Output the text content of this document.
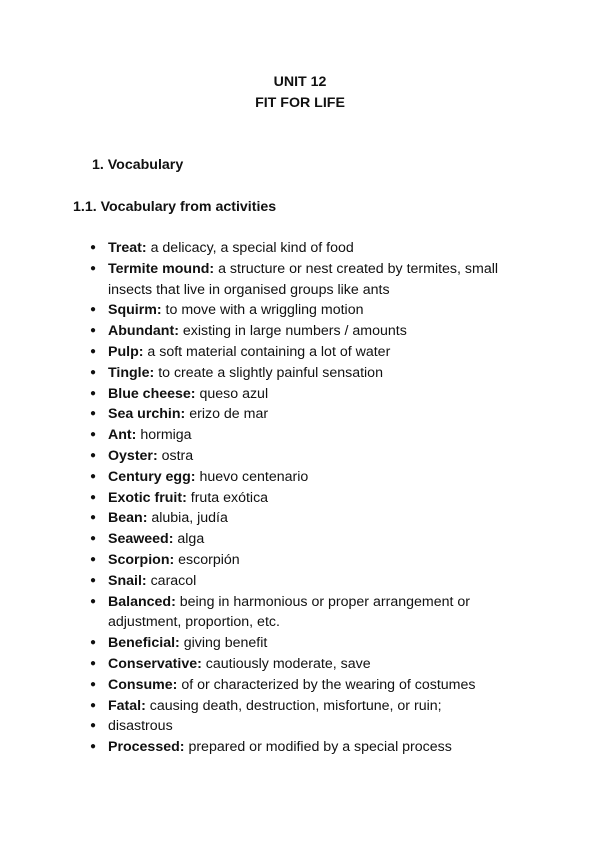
UNIT 12
FIT FOR LIFE
1. Vocabulary
1.1. Vocabulary from activities
● Treat: a delicacy, a special kind of food
● Termite mound: a structure or nest created by termites, small insects that live in organised groups like ants
● Squirm: to move with a wriggling motion
● Abundant: existing in large numbers / amounts
● Pulp: a soft material containing a lot of water
● Tingle: to create a slightly painful sensation
● Blue cheese: queso azul
● Sea urchin: erizo de mar
● Ant: hormiga
● Oyster: ostra
● Century egg: huevo centenario
● Exotic fruit: fruta exótica
● Bean: alubia, judía
● Seaweed: alga
● Scorpion: escorpión
● Snail: caracol
● Balanced: being in harmonious or proper arrangement or adjustment, proportion, etc.
● Beneficial: giving benefit
● Conservative: cautiously moderate, save
● Consume: of or characterized by the wearing of costumes
● Fatal: causing death, destruction, misfortune, or ruin;
● disastrous
● Processed: prepared or modified by a special process
